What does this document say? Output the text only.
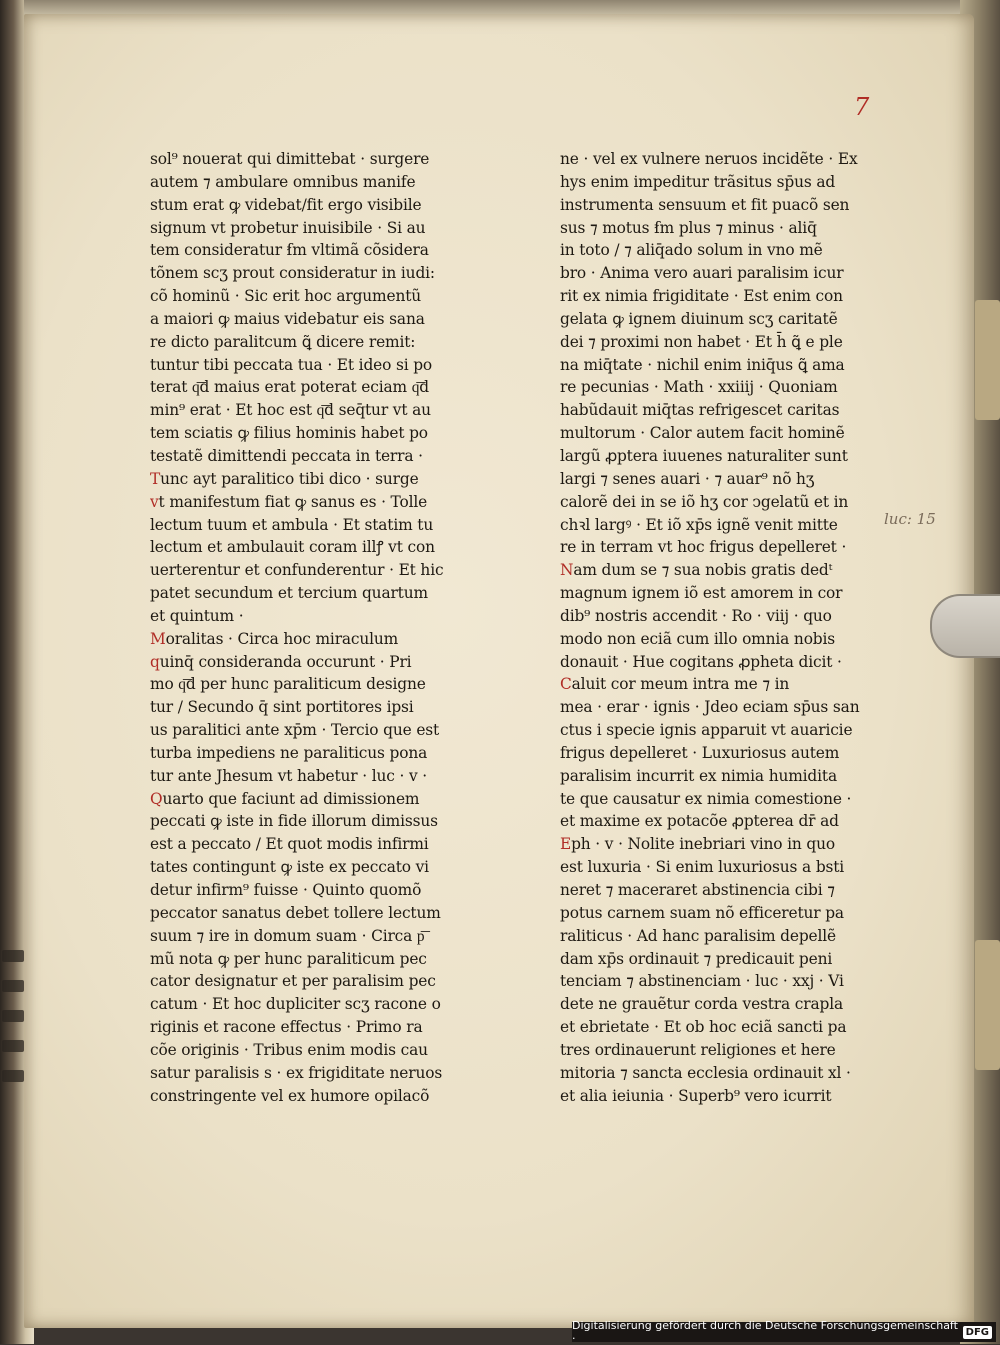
7
luc: 15
sol⁹ nouerat qui dimittebat · surgere
autem ⁊ ambulare omnibus manife
stum erat ꝙ videbat/fit ergo visibile
signum vt probetur inuisibile · Si au
tem consideratur ẜm vltimã cõsidera
tõnem scʒ prout consideratur in iudi:
cõ hominũ · Sic erit hoc argumentũ
a maiori ꝙ maius videbatur eis sana
re dicto paralitcum ꝗ̃ dicere remit:
tuntur tibi peccata tua · Et ideo si po
terat q͞d maius erat poterat eciam q͞d
min⁹ erat · Et hoc est q͞d seq̄tur vt au
tem sciatis ꝙ filius hominis habet po
testatẽ dimittendi peccata in terra ·
Tunc ayt paralitico tibi dico · surge
vt manifestum fiat ꝙ sanus es · Tolle
lectum tuum et ambula · Et statim tu
lectum et ambulauit coram illꝭ vt con
uerterentur et confunderentur · Et hic
patet secundum et tercium quartum
et quintum ·
Moralitas · Circa hoc miraculum
quinq̄ consideranda occurunt · Pri
mo q͞d per hunc paraliticum designe
tur / Secundo q̄ sint portitores ipsi
us paralitici ante xp̄m · Tercio que est
turba impediens ne paraliticus pona
tur ante Jhesum vt habetur · luc · v ·
Quarto que faciunt ad dimissionem
peccati ꝙ iste in fide illorum dimissus
est a peccato / Et quot modis infirmi
tates contingunt ꝙ iste ex peccato vi
detur infirm⁹ fuisse · Quinto quomõ
peccator sanatus debet tollere lectum
suum ⁊ ire in domum suam · Circa p͞
mũ nota ꝙ per hunc paraliticum pec
cator designatur et per paralisim pec
catum · Et hoc dupliciter scʒ racone o
riginis et racone effectus · Primo ra
cõe originis · Tribus enim modis cau
satur paralisis s · ex frigiditate neruos
constringente vel ex humore opilacõ
ne · vel ex vulnere neruos incidẽte · Ex
hys enim impeditur trãsitus sp̄us ad
instrumenta sensuum et fit puacõ sen
sus ⁊ motus ẜm plus ⁊ minus · aliq̄
in toto / ⁊ aliq̄ado solum in vno mẽ
bro · Anima vero auari paralisim icur
rit ex nimia frigiditate · Est enim con
gelata ꝙ ignem diuinum scʒ caritatẽ
dei ⁊ proximi non habet · Et h̄ ꝗ̃ e ple
na miq̄tate · nichil enim iniq̄us ꝗ̃ ama
re pecunias · Math · xxiiij · Quoniam
habũdauit miq̄tas refrigescet caritas
multorum · Calor autem facit hominẽ
largũ ꝓptera iuuenes naturaliter sunt
largi ⁊ senes auari · ⁊ auar⁹ nõ hʒ
calorẽ dei in se iõ hʒ cor ↄgelatũ et in
chꝛl largꝰ · Et iõ xp̄s ignẽ venit mitte
re in terram vt hoc frigus depelleret ·
Nam dum se ⁊ sua nobis gratis dedᵗ
magnum ignem iõ est amorem in cor
dib⁹ nostris accendit · Ro · viij · quo
modo non eciã cum illo omnia nobis
donauit · Hue cogitans ꝓpheta dicit ·
Caluit cor meum intra me ⁊ in
mea · erar · ignis · Jdeo eciam sp̄us san
ctus i specie ignis apparuit vt auaricie
frigus depelleret · Luxuriosus autem
paralisim incurrit ex nimia humidita
te que causatur ex nimia comestione ·
et maxime ex potacõe ꝓpterea dr̄ ad
Eph · v · Nolite inebriari vino in quo
est luxuria · Si enim luxuriosus a bsti
neret ⁊ maceraret abstinencia cibi ⁊
potus carnem suam nõ efficeretur pa
raliticus · Ad hanc paralisim depellẽ
dam xp̄s ordinauit ⁊ predicauit peni
tenciam ⁊ abstinenciam · luc · xxj · Vi
dete ne grauẽtur corda vestra crapla
et ebrietate · Et ob hoc eciã sancti pa
tres ordinauerunt religiones et here
mitoria ⁊ sancta ecclesia ordinauit xl ·
et alia ieiunia · Superb⁹ vero icurrit
Digitalisierung gefördert durch die Deutsche Forschungsgemeinschaft ·	DFG
